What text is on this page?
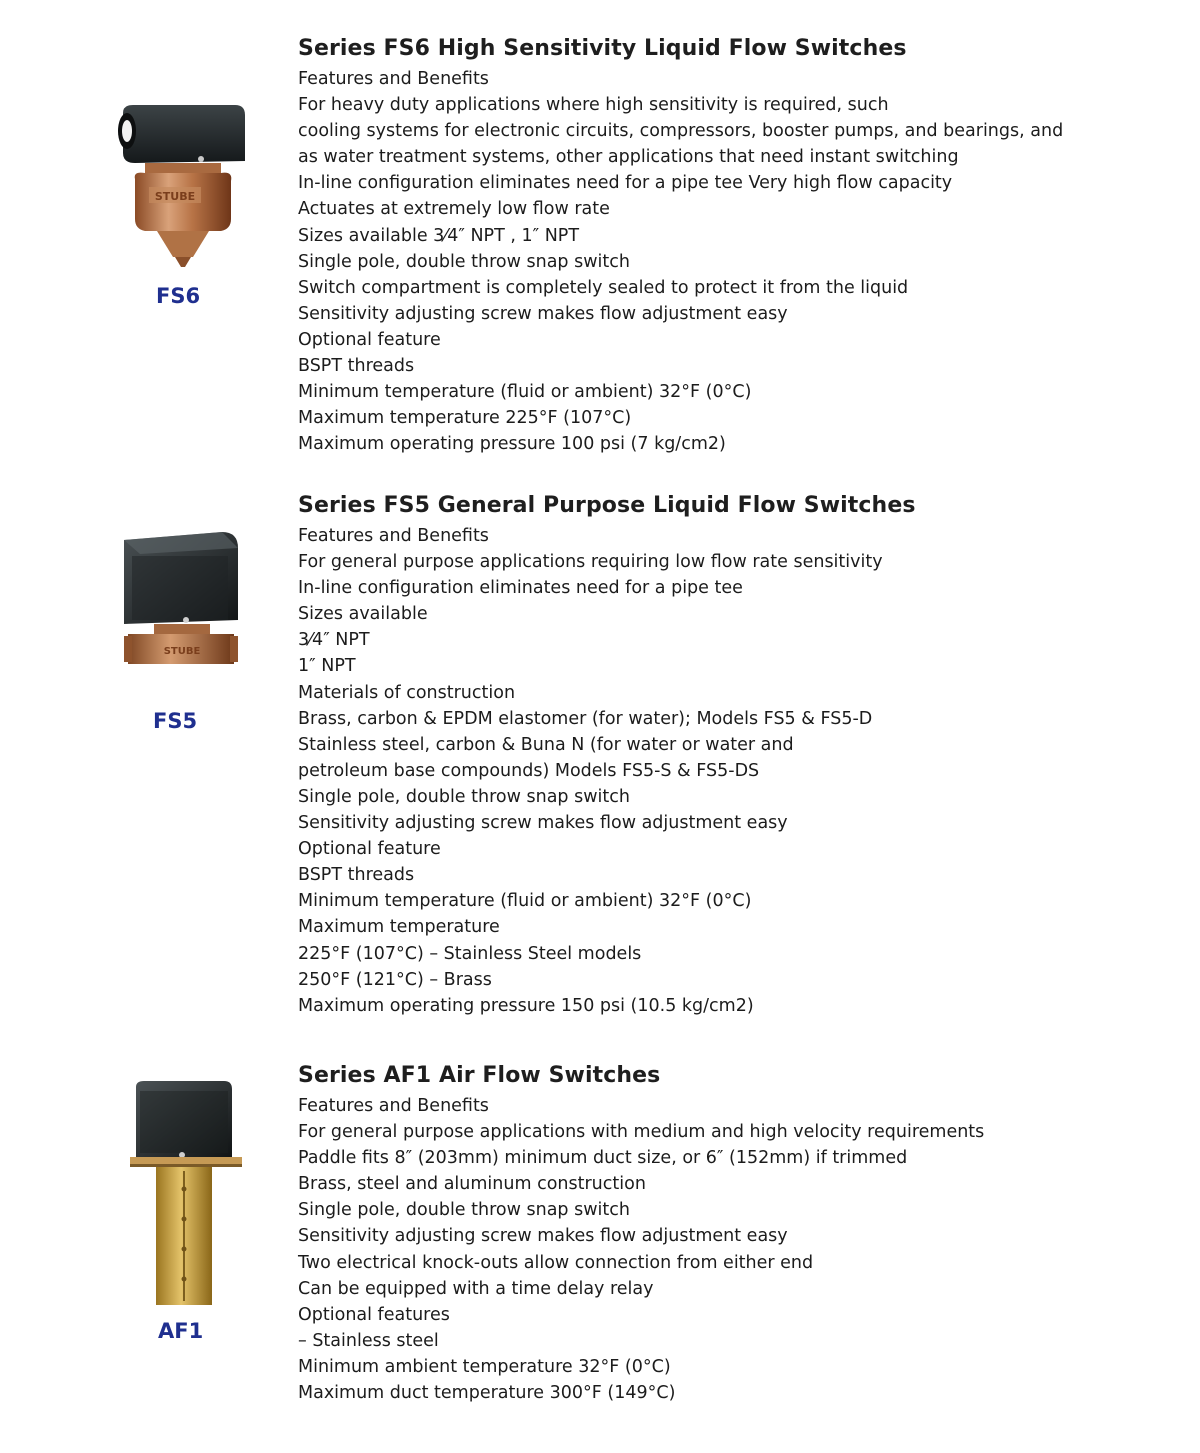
Series FS6 High Sensitivity Liquid Flow Switches
Features and Benefits
For heavy duty applications where high sensitivity is required, such
cooling systems for electronic circuits, compressors, booster pumps, and bearings, and
as water treatment systems, other applications that need instant switching
In-line configuration eliminates need for a pipe tee Very high flow capacity
Actuates at extremely low flow rate
Sizes available 3⁄4″ NPT , 1″ NPT
Single pole, double throw snap switch
Switch compartment is completely sealed to protect it from the liquid
Sensitivity adjusting screw makes flow adjustment easy
Optional feature
BSPT threads
Minimum temperature (fluid or ambient) 32°F (0°C)
Maximum temperature 225°F (107°C)
Maximum operating pressure 100 psi (7 kg/cm2)
STUBE
FS6
Series FS5 General Purpose Liquid Flow Switches
Features and Benefits
For general purpose applications requiring low flow rate sensitivity
In-line configuration eliminates need for a pipe tee
Sizes available
3⁄4″ NPT
1″ NPT
Materials of construction
Brass, carbon & EPDM elastomer (for water); Models FS5 & FS5-D
Stainless steel, carbon & Buna N (for water or water and
petroleum base compounds) Models FS5-S & FS5-DS
Single pole, double throw snap switch
Sensitivity adjusting screw makes flow adjustment easy
Optional feature
BSPT threads
Minimum temperature (fluid or ambient) 32°F (0°C)
Maximum temperature
225°F (107°C) – Stainless Steel models
250°F (121°C) – Brass
Maximum operating pressure 150 psi (10.5 kg/cm2)
STUBE
FS5
Series AF1 Air Flow Switches
Features and Benefits
For general purpose applications with medium and high velocity requirements
Paddle fits 8″ (203mm) minimum duct size, or 6″ (152mm) if trimmed
Brass, steel and aluminum construction
Single pole, double throw snap switch
Sensitivity adjusting screw makes flow adjustment easy
Two electrical knock-outs allow connection from either end
Can be equipped with a time delay relay
Optional features
– Stainless steel
Minimum ambient temperature 32°F (0°C)
Maximum duct temperature 300°F (149°C)
AF1
